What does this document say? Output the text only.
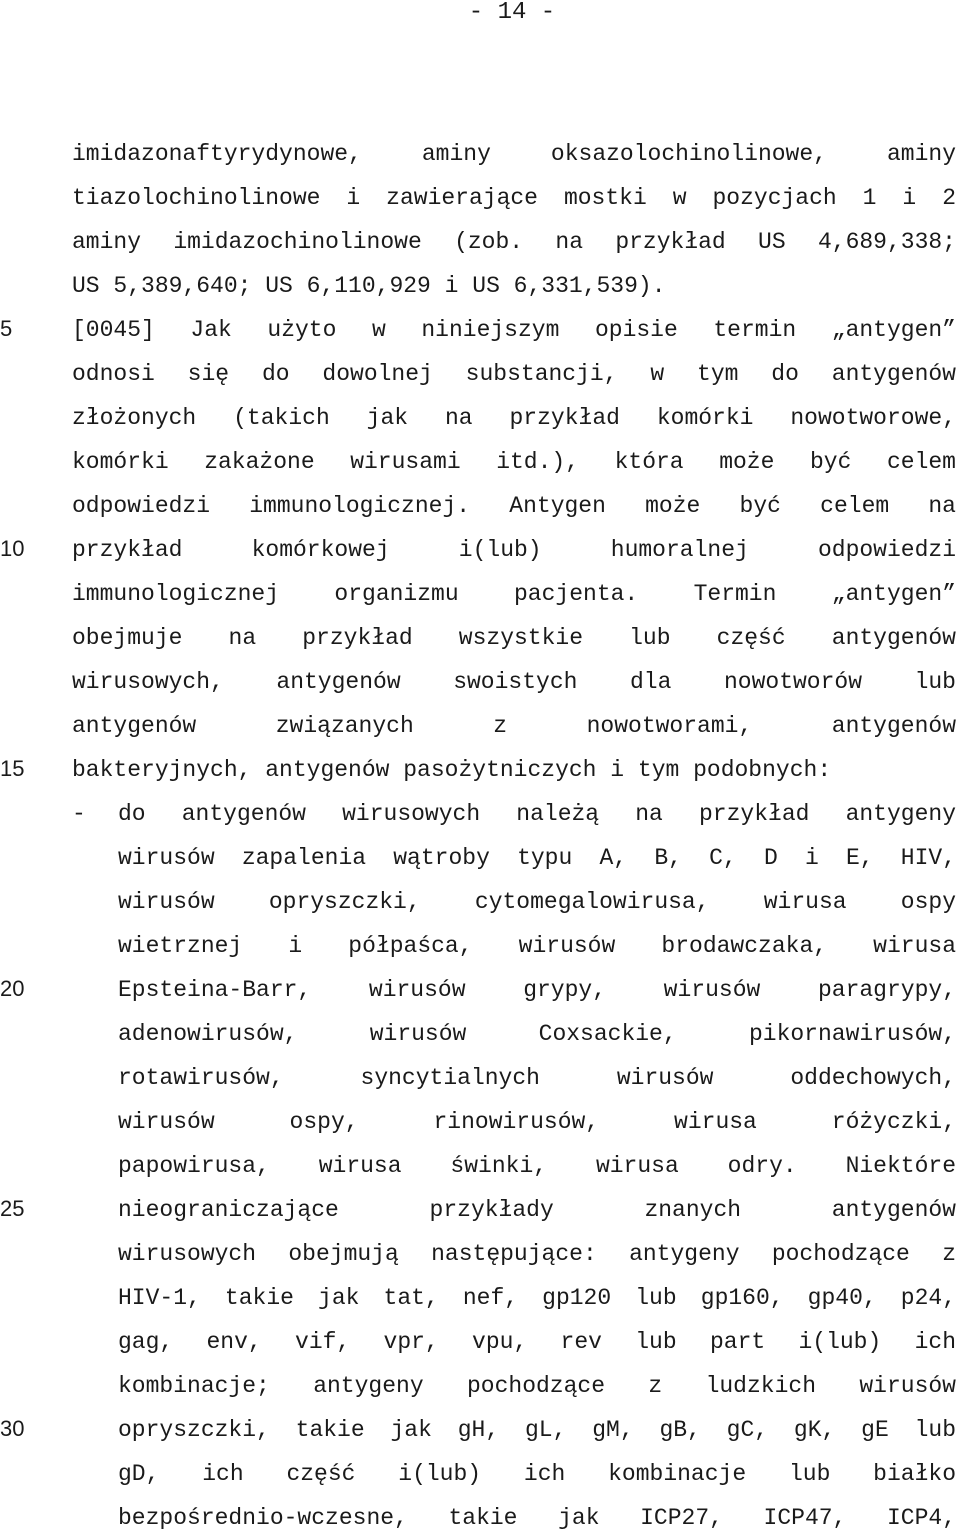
- 14 -
5
10
15
20
25
30
imidazonaftyrydynowe, aminy oksazolochinolinowe, aminy
tiazolochinolinowe i zawierające mostki w pozycjach 1 i 2
aminy imidazochinolinowe (zob. na przykład US 4,689,338;
US 5,389,640; US 6,110,929 i US 6,331,539).
[0045] Jak użyto w niniejszym opisie termin „antygen”
odnosi się do dowolnej substancji, w tym do antygenów
złożonych (takich jak na przykład komórki nowotworowe,
komórki zakażone wirusami itd.), która może być celem
odpowiedzi immunologicznej. Antygen może być celem na
przykład komórkowej i(lub) humoralnej odpowiedzi
immunologicznej organizmu pacjenta. Termin „antygen”
obejmuje na przykład wszystkie lub część antygenów
wirusowych, antygenów swoistych dla nowotworów lub
antygenów związanych z nowotworami, antygenów
bakteryjnych, antygenów pasożytniczych i tym podobnych:
- do antygenów wirusowych należą na przykład antygeny
wirusów zapalenia wątroby typu A, B, C, D i E, HIV,
wirusów opryszczki, cytomegalowirusa, wirusa ospy
wietrznej i półpaśca, wirusów brodawczaka, wirusa
Epsteina-Barr, wirusów grypy, wirusów paragrypy,
adenowirusów, wirusów Coxsackie, pikornawirusów,
rotawirusów, syncytialnych wirusów oddechowych,
wirusów ospy, rinowirusów, wirusa różyczki,
papowirusa, wirusa świnki, wirusa odry. Niektóre
nieograniczające przykłady znanych antygenów
wirusowych obejmują następujące: antygeny pochodzące z
HIV-1, takie jak tat, nef, gp120 lub gp160, gp40, p24,
gag, env, vif, vpr, vpu, rev lub part i(lub) ich
kombinacje; antygeny pochodzące z ludzkich wirusów
opryszczki, takie jak gH, gL, gM, gB, gC, gK, gE lub
gD, ich część i(lub) ich kombinacje lub białko
bezpośrednio-wczesne, takie jak ICP27, ICP47, ICP4,
